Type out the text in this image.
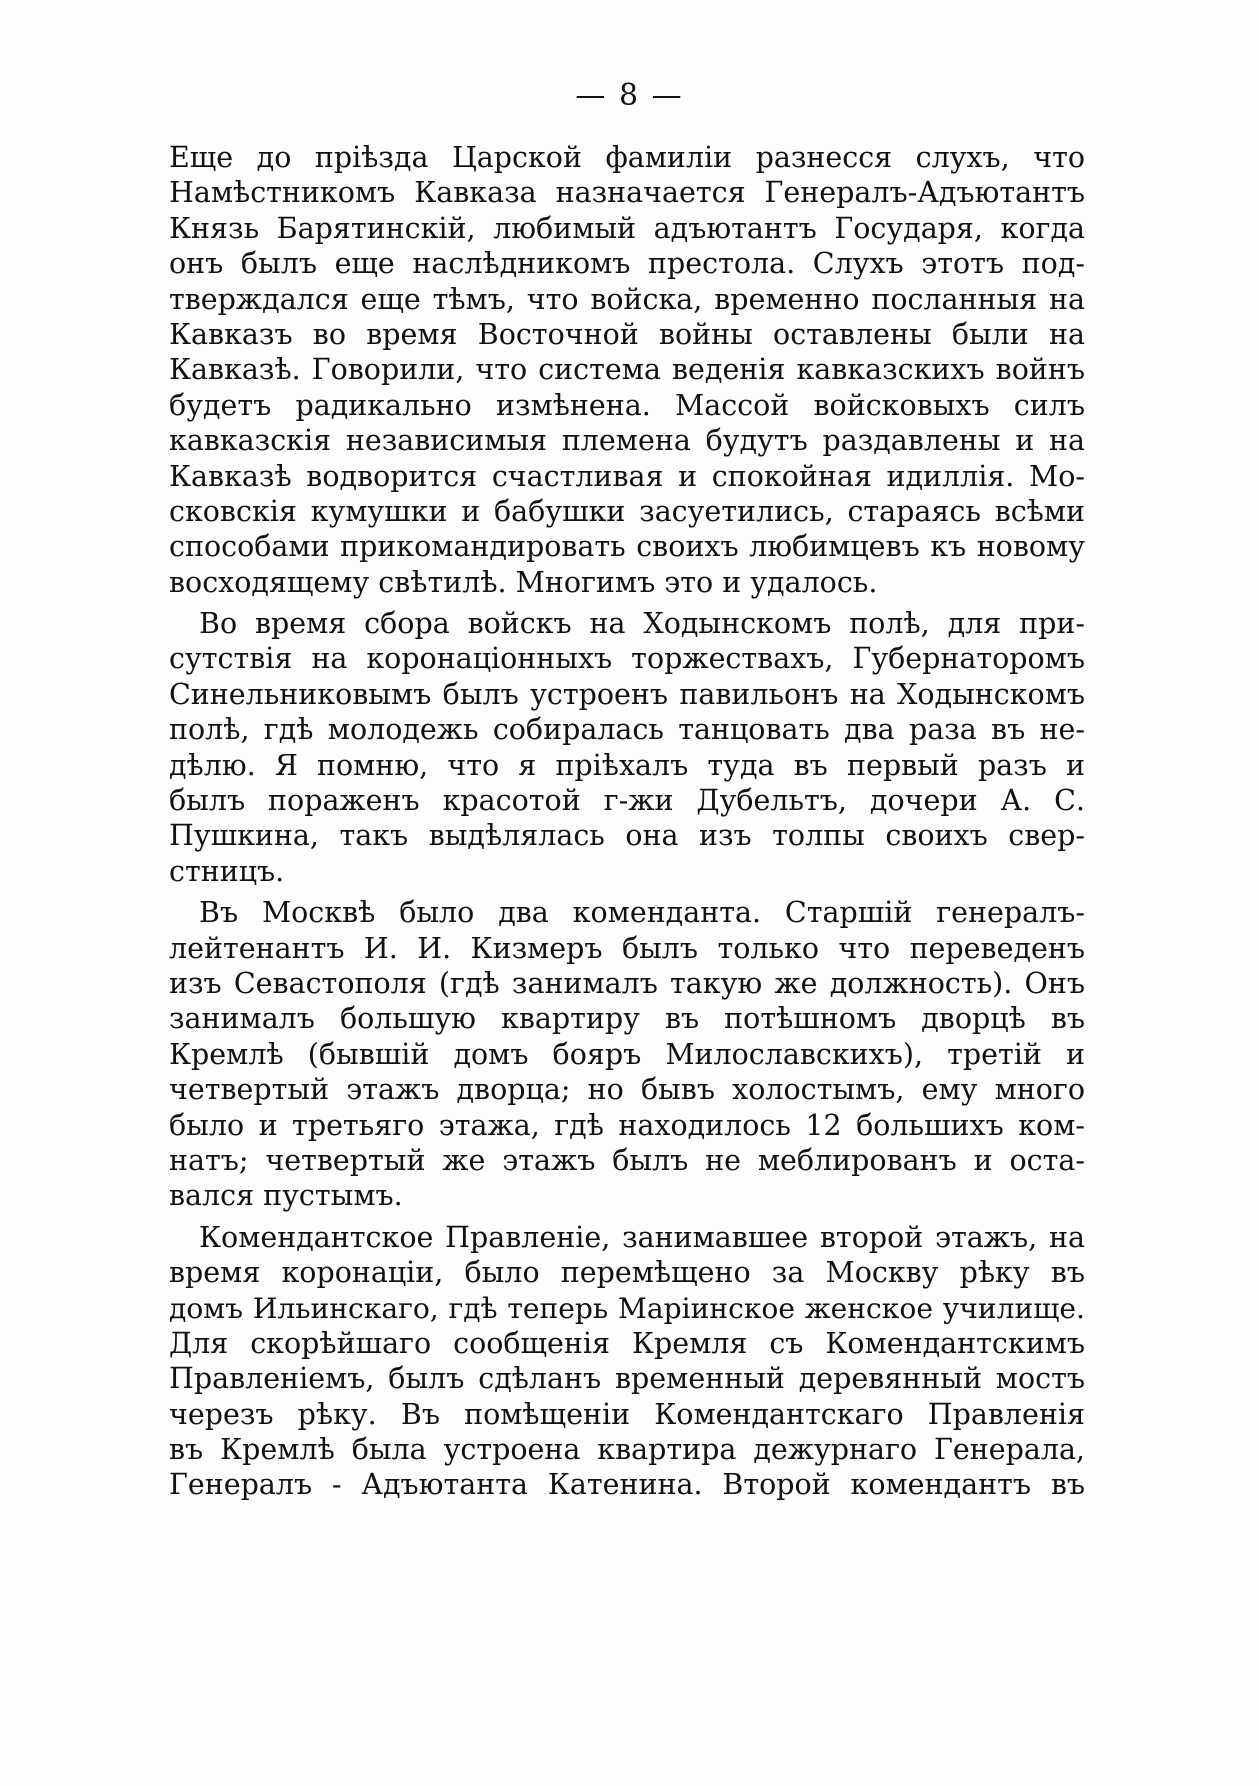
— 8 —
Еще до пріѣзда Царской фамиліи разнесся слухъ, что
Намѣстникомъ Кавказа назначается Генералъ-Адъютантъ
Князь Барятинскій, любимый адъютантъ Государя, когда
онъ былъ еще наслѣдникомъ престола. Слухъ этотъ под-
тверждался еще тѣмъ, что войска, временно посланныя на
Кавказъ во время Восточной войны оставлены были на
Кавказѣ. Говорили, что система веденія кавказскихъ войнъ
будетъ радикально измѣнена. Массой войсковыхъ силъ
кавказскія независимыя племена будутъ раздавлены и на
Кавказѣ водворится счастливая и спокойная идиллія. Мо-
сковскія кумушки и бабушки засуетились, стараясь всѣми
способами прикомандировать своихъ любимцевъ къ новому
восходящему свѣтилѣ. Многимъ это и удалось.
Во время сбора войскъ на Ходынскомъ полѣ, для при-
сутствія на коронаціонныхъ торжествахъ, Губернаторомъ
Синельниковымъ былъ устроенъ павильонъ на Ходынскомъ
полѣ, гдѣ молодежь собиралась танцовать два раза въ не-
дѣлю. Я помню, что я пріѣхалъ туда въ первый разъ и
былъ пораженъ красотой г-жи Дубельтъ, дочери А. С.
Пушкина, такъ выдѣлялась она изъ толпы своихъ свер-
стницъ.
Въ Москвѣ было два коменданта. Старшій генералъ-
лейтенантъ И. И. Кизмеръ былъ только что переведенъ
изъ Севастополя (гдѣ занималъ такую же должность). Онъ
занималъ большую квартиру въ потѣшномъ дворцѣ въ
Кремлѣ (бывшій домъ бояръ Милославскихъ), третій и
четвертый этажъ дворца; но бывъ холостымъ, ему много
было и третьяго этажа, гдѣ находилось 12 большихъ ком-
натъ; четвертый же этажъ былъ не меблированъ и оста-
вался пустымъ.
Комендантское Правленіе, занимавшее второй этажъ, на
время коронаціи, было перемѣщено за Москву рѣку въ
домъ Ильинскаго, гдѣ теперь Маріинское женское училище.
Для скорѣйшаго сообщенія Кремля съ Комендантскимъ
Правленіемъ, былъ сдѣланъ временный деревянный мостъ
черезъ рѣку. Въ помѣщеніи Комендантскаго Правленія
въ Кремлѣ была устроена квартира дежурнаго Генерала,
Генералъ - Адъютанта Катенина. Второй комендантъ въ
